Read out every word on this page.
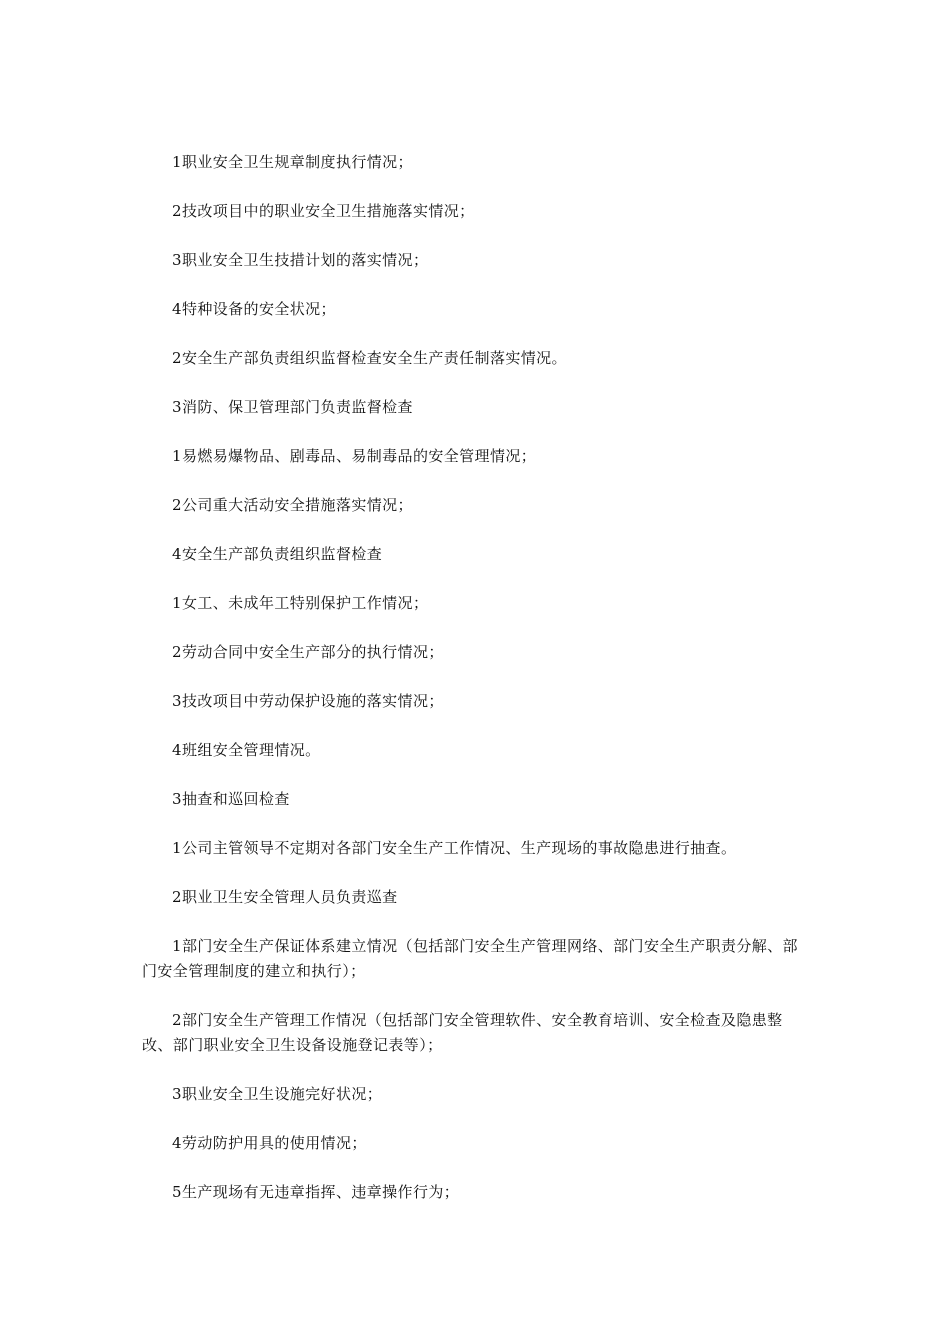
1职业安全卫生规章制度执行情况；

2技改项目中的职业安全卫生措施落实情况；

3职业安全卫生技措计划的落实情况；

4特种设备的安全状况；

2安全生产部负责组织监督检查安全生产责任制落实情况。

3消防、保卫管理部门负责监督检查

1易燃易爆物品、剧毒品、易制毒品的安全管理情况；

2公司重大活动安全措施落实情况；

4安全生产部负责组织监督检查

1女工、未成年工特别保护工作情况；

2劳动合同中安全生产部分的执行情况；

3技改项目中劳动保护设施的落实情况；

4班组安全管理情况。

3抽查和巡回检查

1公司主管领导不定期对各部门安全生产工作情况、生产现场的事故隐患进行抽查。

2职业卫生安全管理人员负责巡查

1部门安全生产保证体系建立情况（包括部门安全生产管理网络、部门安全生产职责分解、部门安全管理制度的建立和执行）；

2部门安全生产管理工作情况（包括部门安全管理软件、安全教育培训、安全检查及隐患整改、部门职业安全卫生设备设施登记表等）；

3职业安全卫生设施完好状况；

4劳动防护用具的使用情况；

5生产现场有无违章指挥、违章操作行为；
